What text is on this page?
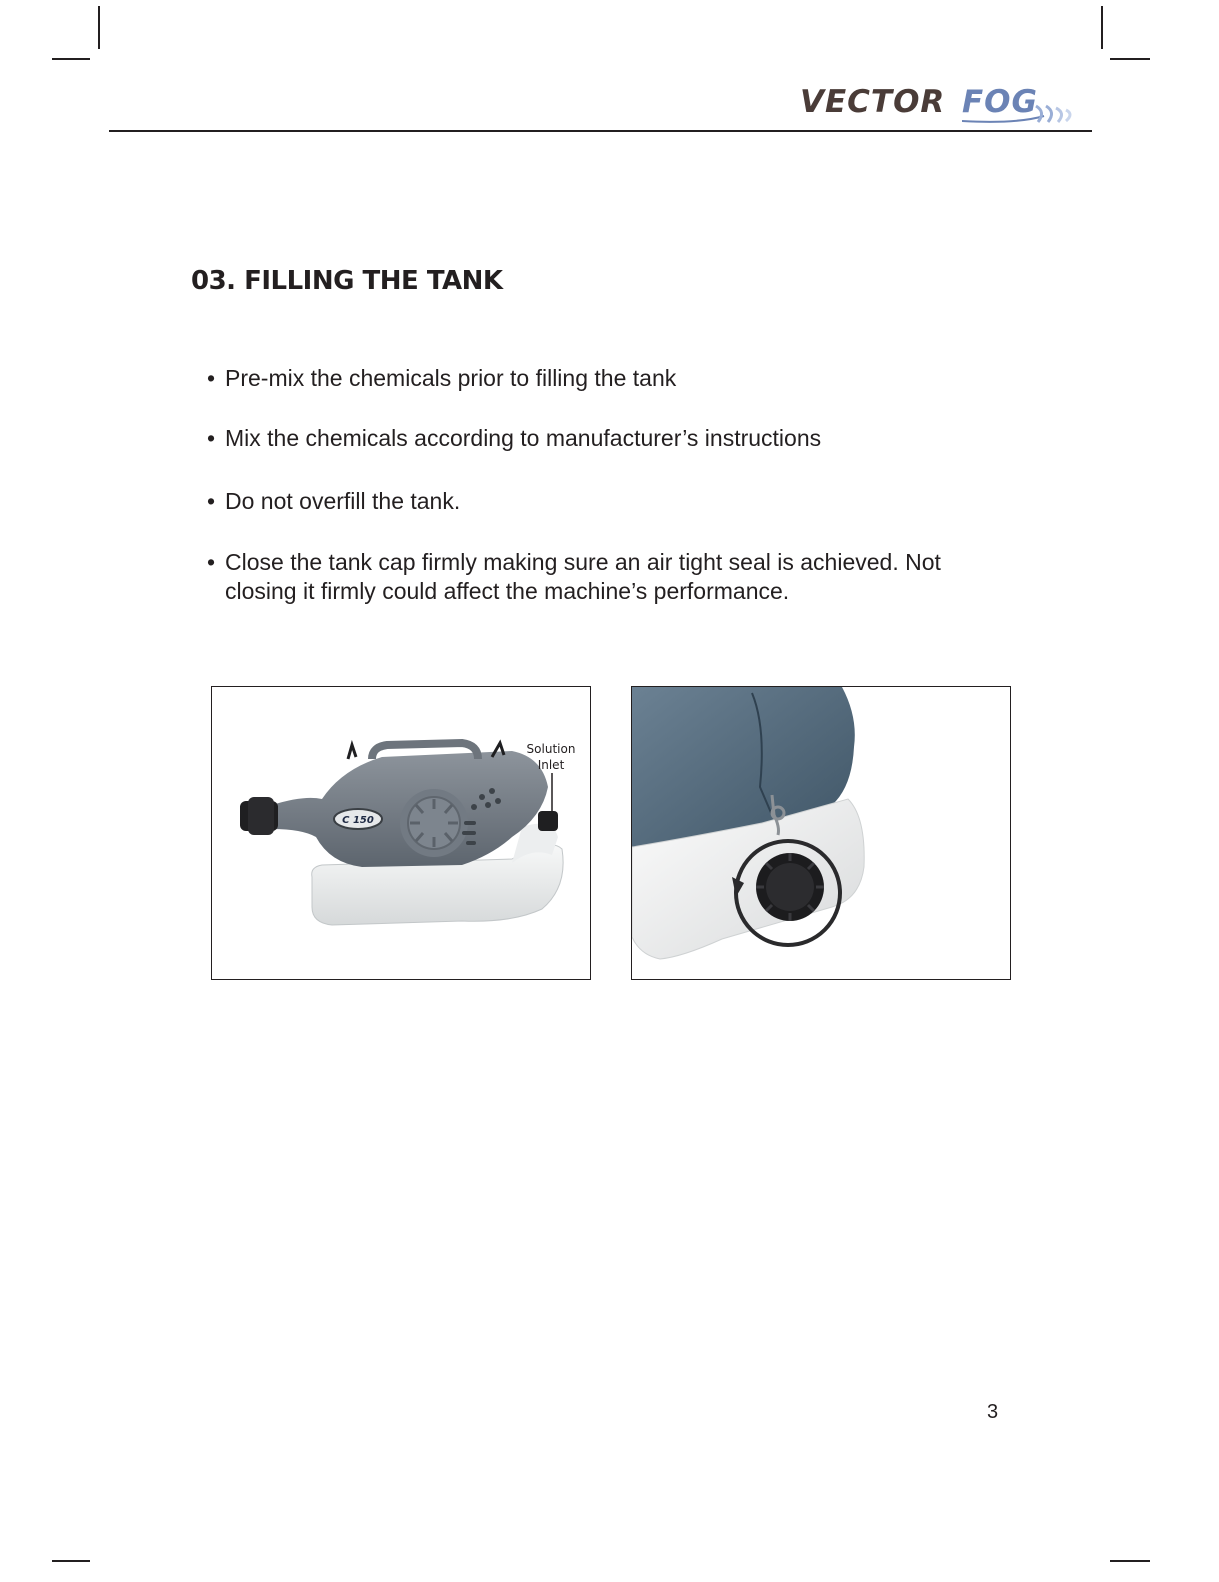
VECTOR FOG
03. FILLING THE TANK
• Pre-mix the chemicals prior to filling the tank
• Mix the chemicals according to manufacturer’s instructions
• Do not overfill the tank.
• Close the tank cap firmly making sure an air tight seal is achieved. Not closing it firmly could affect the machine’s performance.
C 150
Solution
Inlet
3
